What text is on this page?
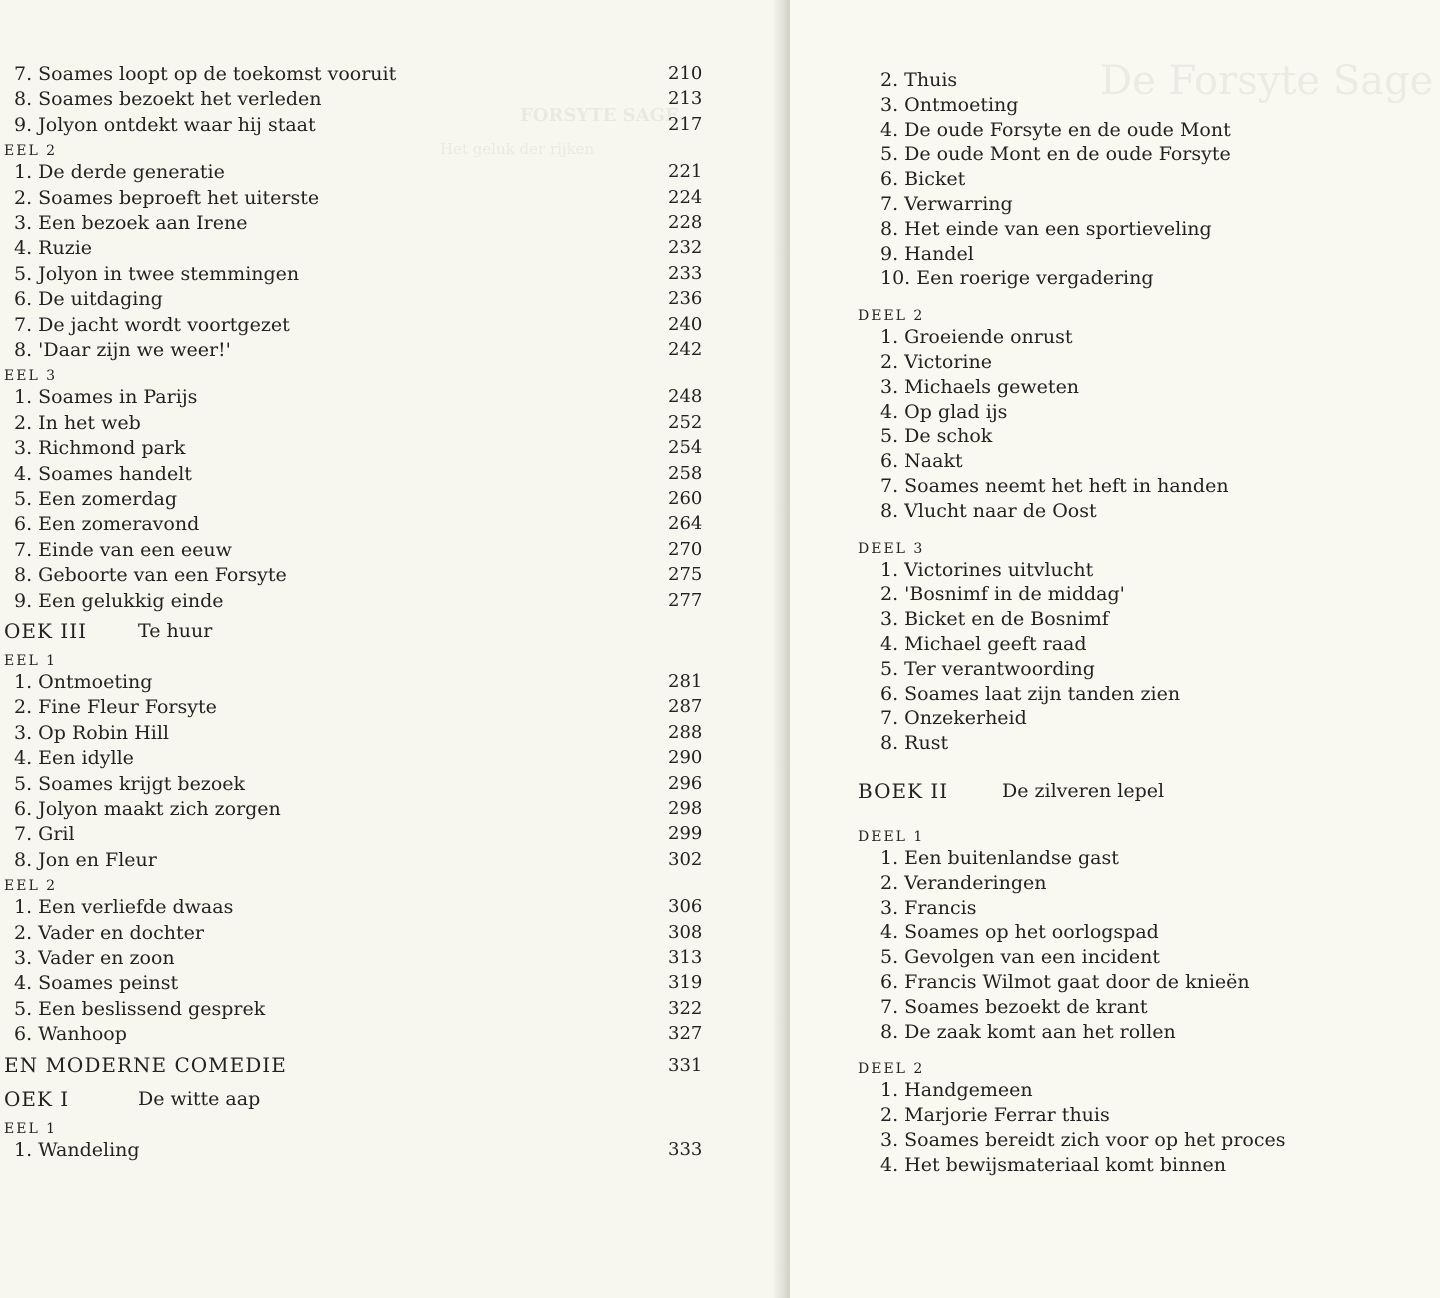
FORSYTE SAGE
Het geluk der rijken
7. Soames loopt op de toekomst vooruit	210
8. Soames bezoekt het verleden	213
9. Jolyon ontdekt waar hij staat	217
EEL 2
1. De derde generatie	221
2. Soames beproeft het uiterste	224
3. Een bezoek aan Irene	228
4. Ruzie	232
5. Jolyon in twee stemmingen	233
6. De uitdaging	236
7. De jacht wordt voortgezet	240
8. 'Daar zijn we weer!'	242
EEL 3
1. Soames in Parijs	248
2. In het web	252
3. Richmond park	254
4. Soames handelt	258
5. Een zomerdag	260
6. Een zomeravond	264
7. Einde van een eeuw	270
8. Geboorte van een Forsyte	275
9. Een gelukkig einde	277
OEK III	Te huur
EEL 1
1. Ontmoeting	281
2. Fine Fleur Forsyte	287
3. Op Robin Hill	288
4. Een idylle	290
5. Soames krijgt bezoek	296
6. Jolyon maakt zich zorgen	298
7. Gril	299
8. Jon en Fleur	302
EEL 2
1. Een verliefde dwaas	306
2. Vader en dochter	308
3. Vader en zoon	313
4. Soames peinst	319
5. Een beslissend gesprek	322
6. Wanhoop	327
EN MODERNE COMEDIE	331
OEK I	De witte aap
EEL 1
1. Wandeling	333
2. Thuis
3. Ontmoeting
4. De oude Forsyte en de oude Mont
5. De oude Mont en de oude Forsyte
6. Bicket
7. Verwarring
8. Het einde van een sportieveling
9. Handel
10. Een roerige vergadering
DEEL 2
1. Groeiende onrust
2. Victorine
3. Michaels geweten
4. Op glad ijs
5. De schok
6. Naakt
7. Soames neemt het heft in handen
8. Vlucht naar de Oost
DEEL 3
1. Victorines uitvlucht
2. 'Bosnimf in de middag'
3. Bicket en de Bosnimf
4. Michael geeft raad
5. Ter verantwoording
6. Soames laat zijn tanden zien
7. Onzekerheid
8. Rust
BOEK II	De zilveren lepel
DEEL 1
1. Een buitenlandse gast
2. Veranderingen
3. Francis
4. Soames op het oorlogspad
5. Gevolgen van een incident
6. Francis Wilmot gaat door de knieën
7. Soames bezoekt de krant
8. De zaak komt aan het rollen
DEEL 2
1. Handgemeen
2. Marjorie Ferrar thuis
3. Soames bereidt zich voor op het proces
4. Het bewijsmateriaal komt binnen
De Forsyte Sage
